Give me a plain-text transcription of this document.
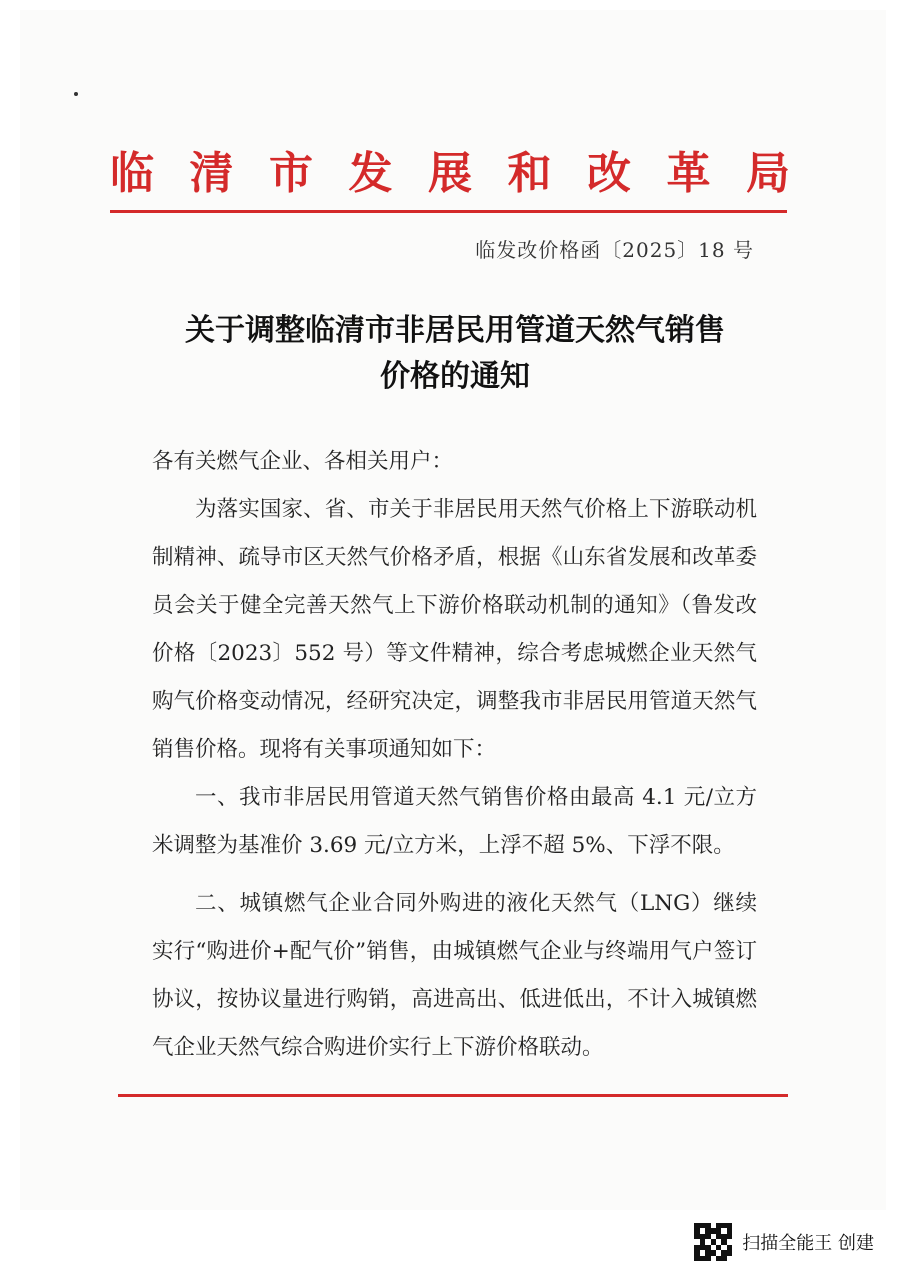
临 清 市 发 展 和 改 革 局
临发改价格函〔2025〕18 号
关于调整临清市非居民用管道天然气销售
价格的通知

各有关燃气企业、各相关用户：

为落实国家、省、市关于非居民用天然气价格上下游联动机制精神、疏导市区天然气价格矛盾，根据《山东省发展和改革委员会关于健全完善天然气上下游价格联动机制的通知》（鲁发改价格〔2023〕552 号）等文件精神，综合考虑城燃企业天然气购气价格变动情况，经研究决定，调整我市非居民用管道天然气销售价格。现将有关事项通知如下：

一、我市非居民用管道天然气销售价格由最高 4.1 元/立方米调整为基准价 3.69 元/立方米，上浮不超 5%、下浮不限。

二、城镇燃气企业合同外购进的液化天然气（LNG）继续实行“购进价+配气价”销售，由城镇燃气企业与终端用气户签订协议，按协议量进行购销，高进高出、低进低出，不计入城镇燃气企业天然气综合购进价实行上下游价格联动。

扫描全能王 创建
